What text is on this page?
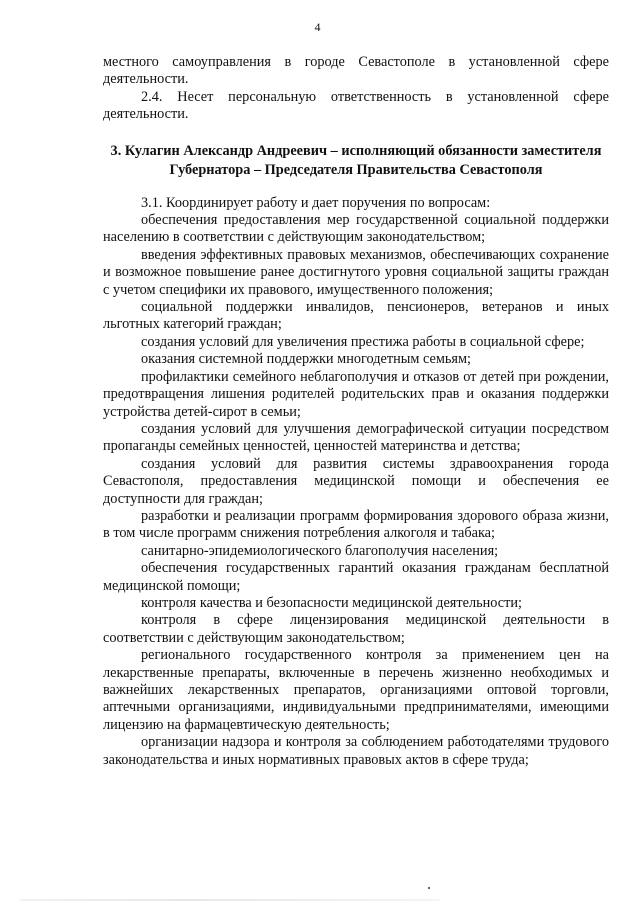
4

местного самоуправления в городе Севастополе в установленной сфере деятельности.

2.4. Несет персональную ответственность в установленной сфере деятельности.

3. Кулагин Александр Андреевич – исполняющий обязанности заместителя Губернатора – Председателя Правительства Севастополя

3.1. Координирует работу и дает поручения по вопросам:

обеспечения предоставления мер государственной социальной поддержки населению в соответствии с действующим законодательством;

введения эффективных правовых механизмов, обеспечивающих сохранение и возможное повышение ранее достигнутого уровня социальной защиты граждан с учетом специфики их правового, имущественного положения;

социальной поддержки инвалидов, пенсионеров, ветеранов и иных льготных категорий граждан;

создания условий для увеличения престижа работы в социальной сфере;

оказания системной поддержки многодетным семьям;

профилактики семейного неблагополучия и отказов от детей при рождении, предотвращения лишения родителей родительских прав и оказания поддержки устройства детей-сирот в семьи;

создания условий для улучшения демографической ситуации посредством пропаганды семейных ценностей, ценностей материнства и детства;

создания условий для развития системы здравоохранения города Севастополя, предоставления медицинской помощи и обеспечения ее доступности для граждан;

разработки и реализации программ формирования здорового образа жизни, в том числе программ снижения потребления алкоголя и табака;

санитарно-эпидемиологического благополучия населения;

обеспечения государственных гарантий оказания гражданам бесплатной медицинской помощи;

контроля качества и безопасности медицинской деятельности;

контроля в сфере лицензирования медицинской деятельности в соответствии с действующим законодательством;

регионального государственного контроля за применением цен на лекарственные препараты, включенные в перечень жизненно необходимых и важнейших лекарственных препаратов, организациями оптовой торговли, аптечными организациями, индивидуальными предпринимателями, имеющими лицензию на фармацевтическую деятельность;

организации надзора и контроля за соблюдением работодателями трудового законодательства и иных нормативных правовых актов в сфере труда;
